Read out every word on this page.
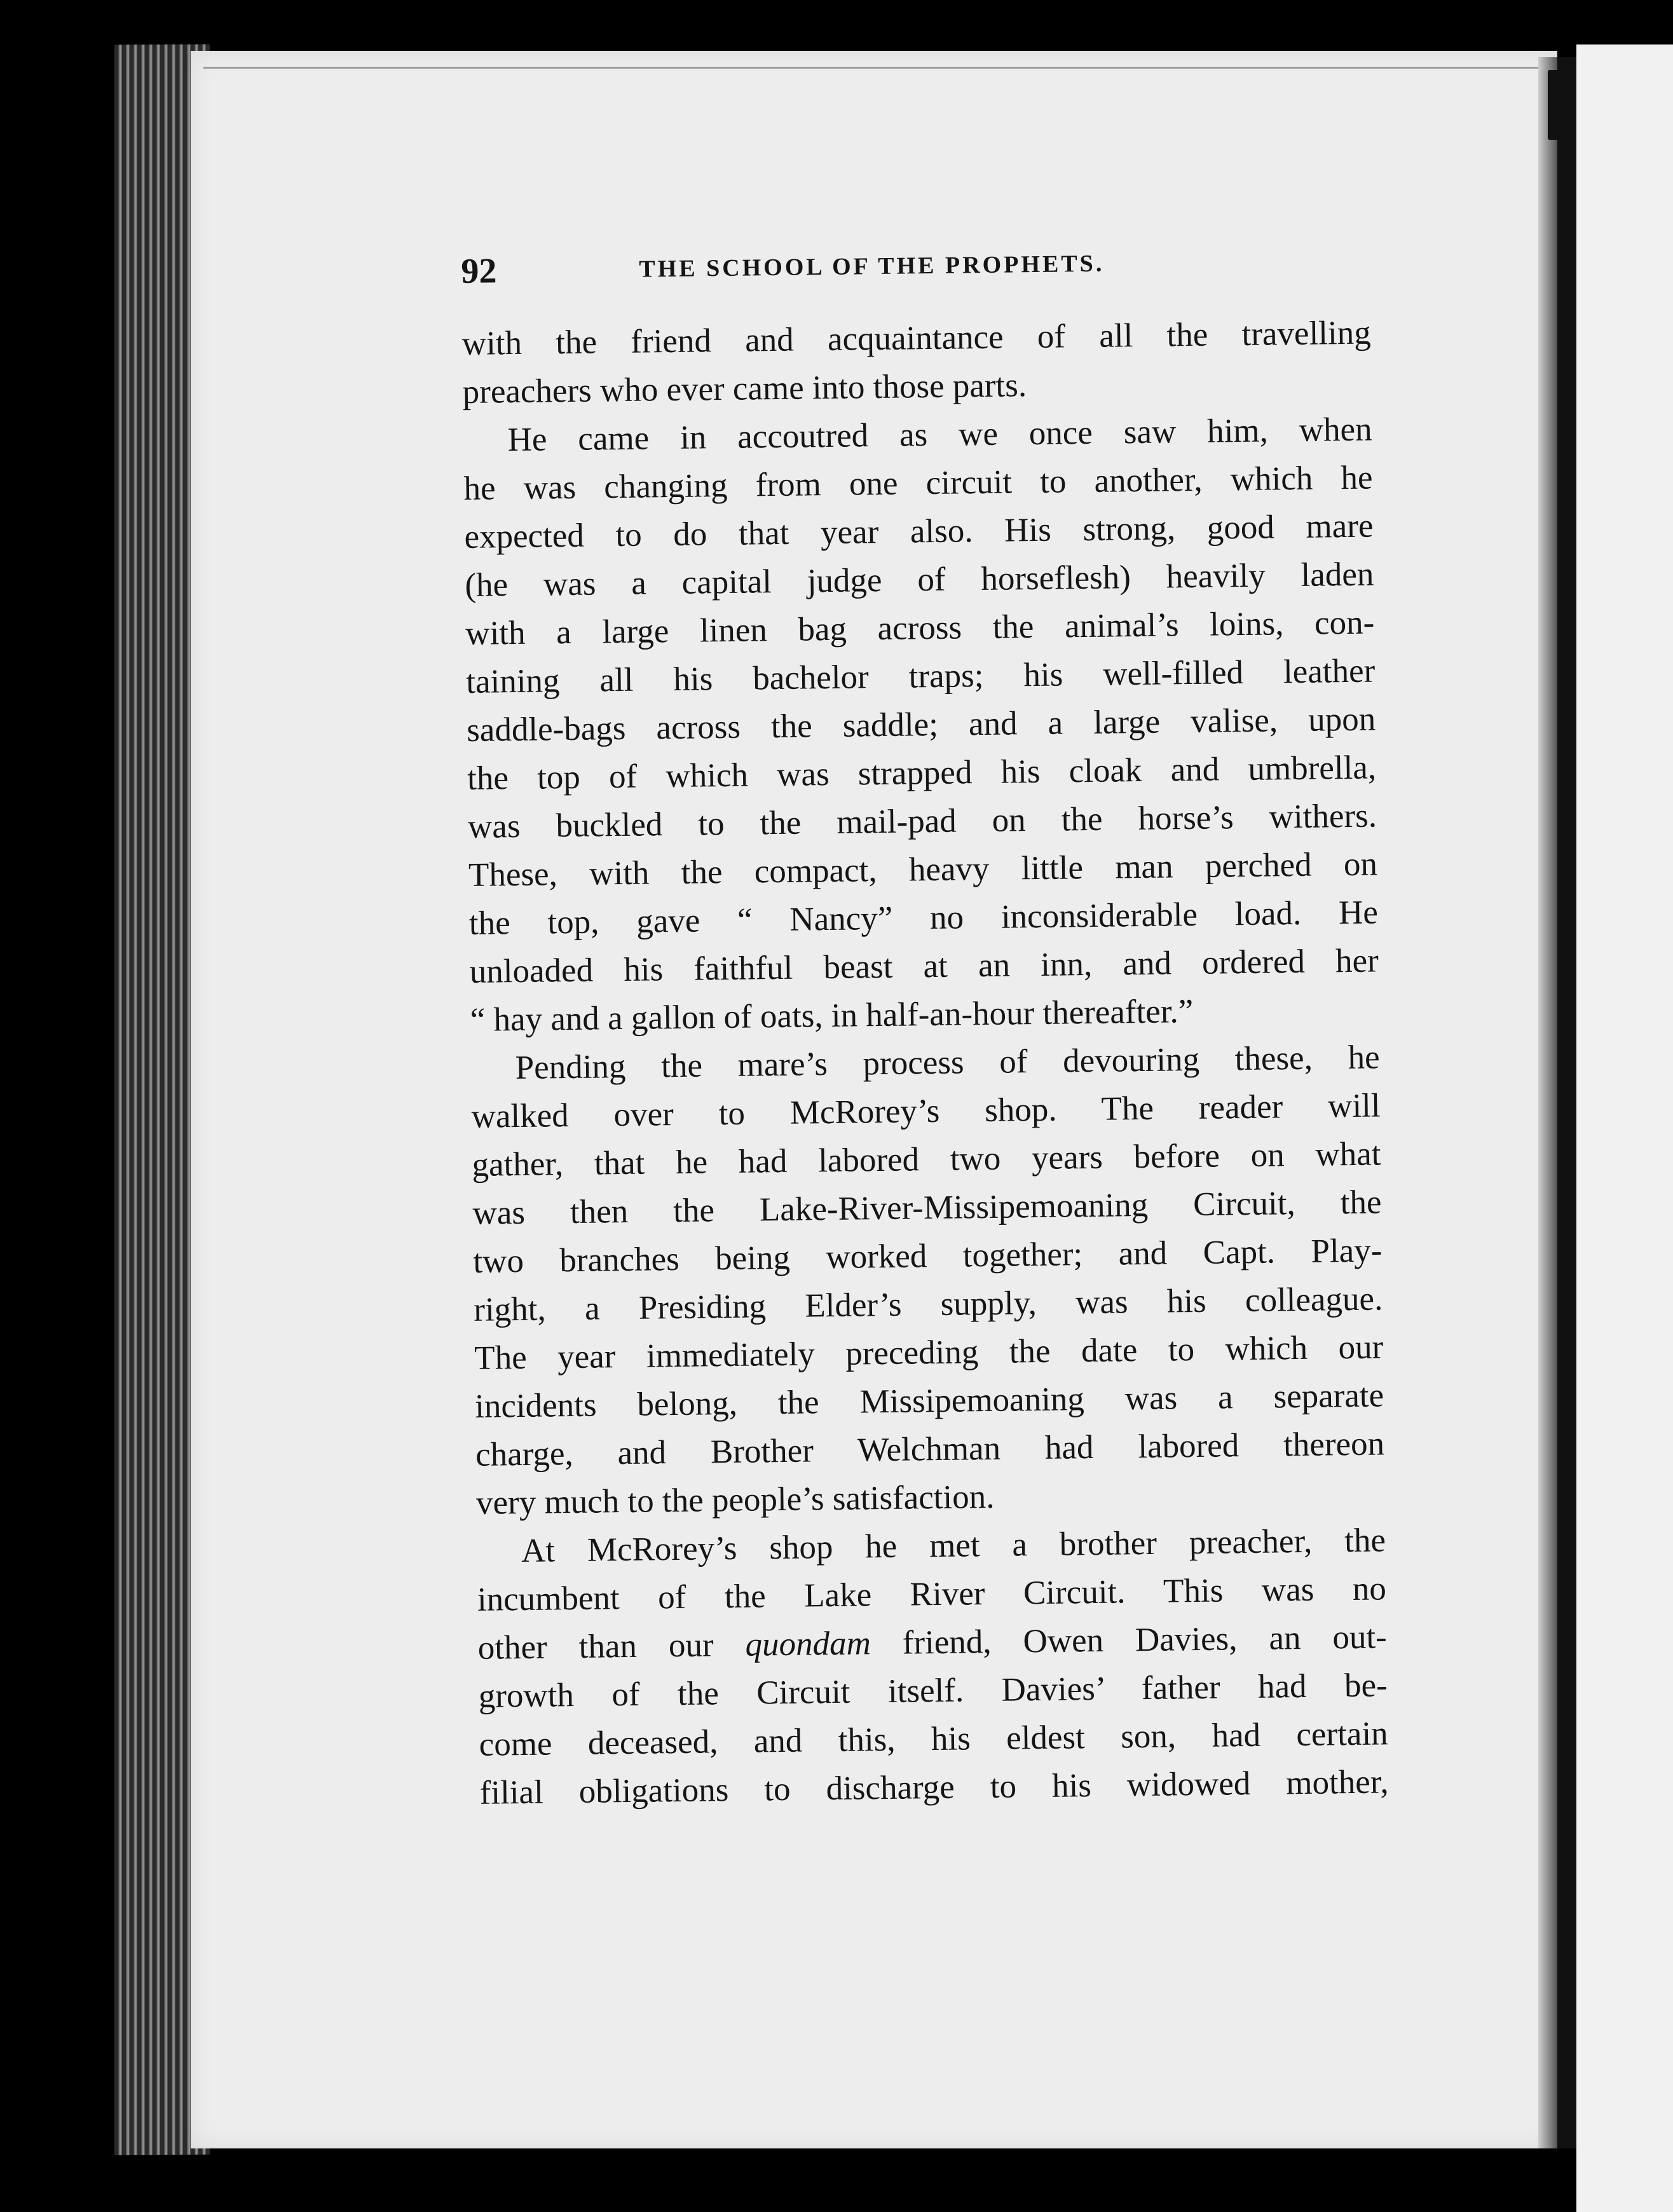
92	THE SCHOOL OF THE PROPHETS.
with the friend and acquaintance of all the travelling
preachers who ever came into those parts.
He came in accoutred as we once saw him, when
he was changing from one circuit to another, which he
expected to do that year also. His strong, good mare
(he was a capital judge of horseflesh) heavily laden
with a large linen bag across the animal’s loins, con-
taining all his bachelor traps; his well-filled leather
saddle-bags across the saddle; and a large valise, upon
the top of which was strapped his cloak and umbrella,
was buckled to the mail-pad on the horse’s withers.
These, with the compact, heavy little man perched on
the top, gave “ Nancy” no inconsiderable load. He
unloaded his faithful beast at an inn, and ordered her
“ hay and a gallon of oats, in half-an-hour thereafter.”
Pending the mare’s process of devouring these, he
walked over to McRorey’s shop. The reader will
gather, that he had labored two years before on what
was then the Lake-River-Missipemoaning Circuit, the
two branches being worked together; and Capt. Play-
right, a Presiding Elder’s supply, was his colleague.
The year immediately preceding the date to which our
incidents belong, the Missipemoaning was a separate
charge, and Brother Welchman had labored thereon
very much to the people’s satisfaction.
At McRorey’s shop he met a brother preacher, the
incumbent of the Lake River Circuit. This was no
other than our quondam friend, Owen Davies, an out-
growth of the Circuit itself. Davies’ father had be-
come deceased, and this, his eldest son, had certain
filial obligations to discharge to his widowed mother,
